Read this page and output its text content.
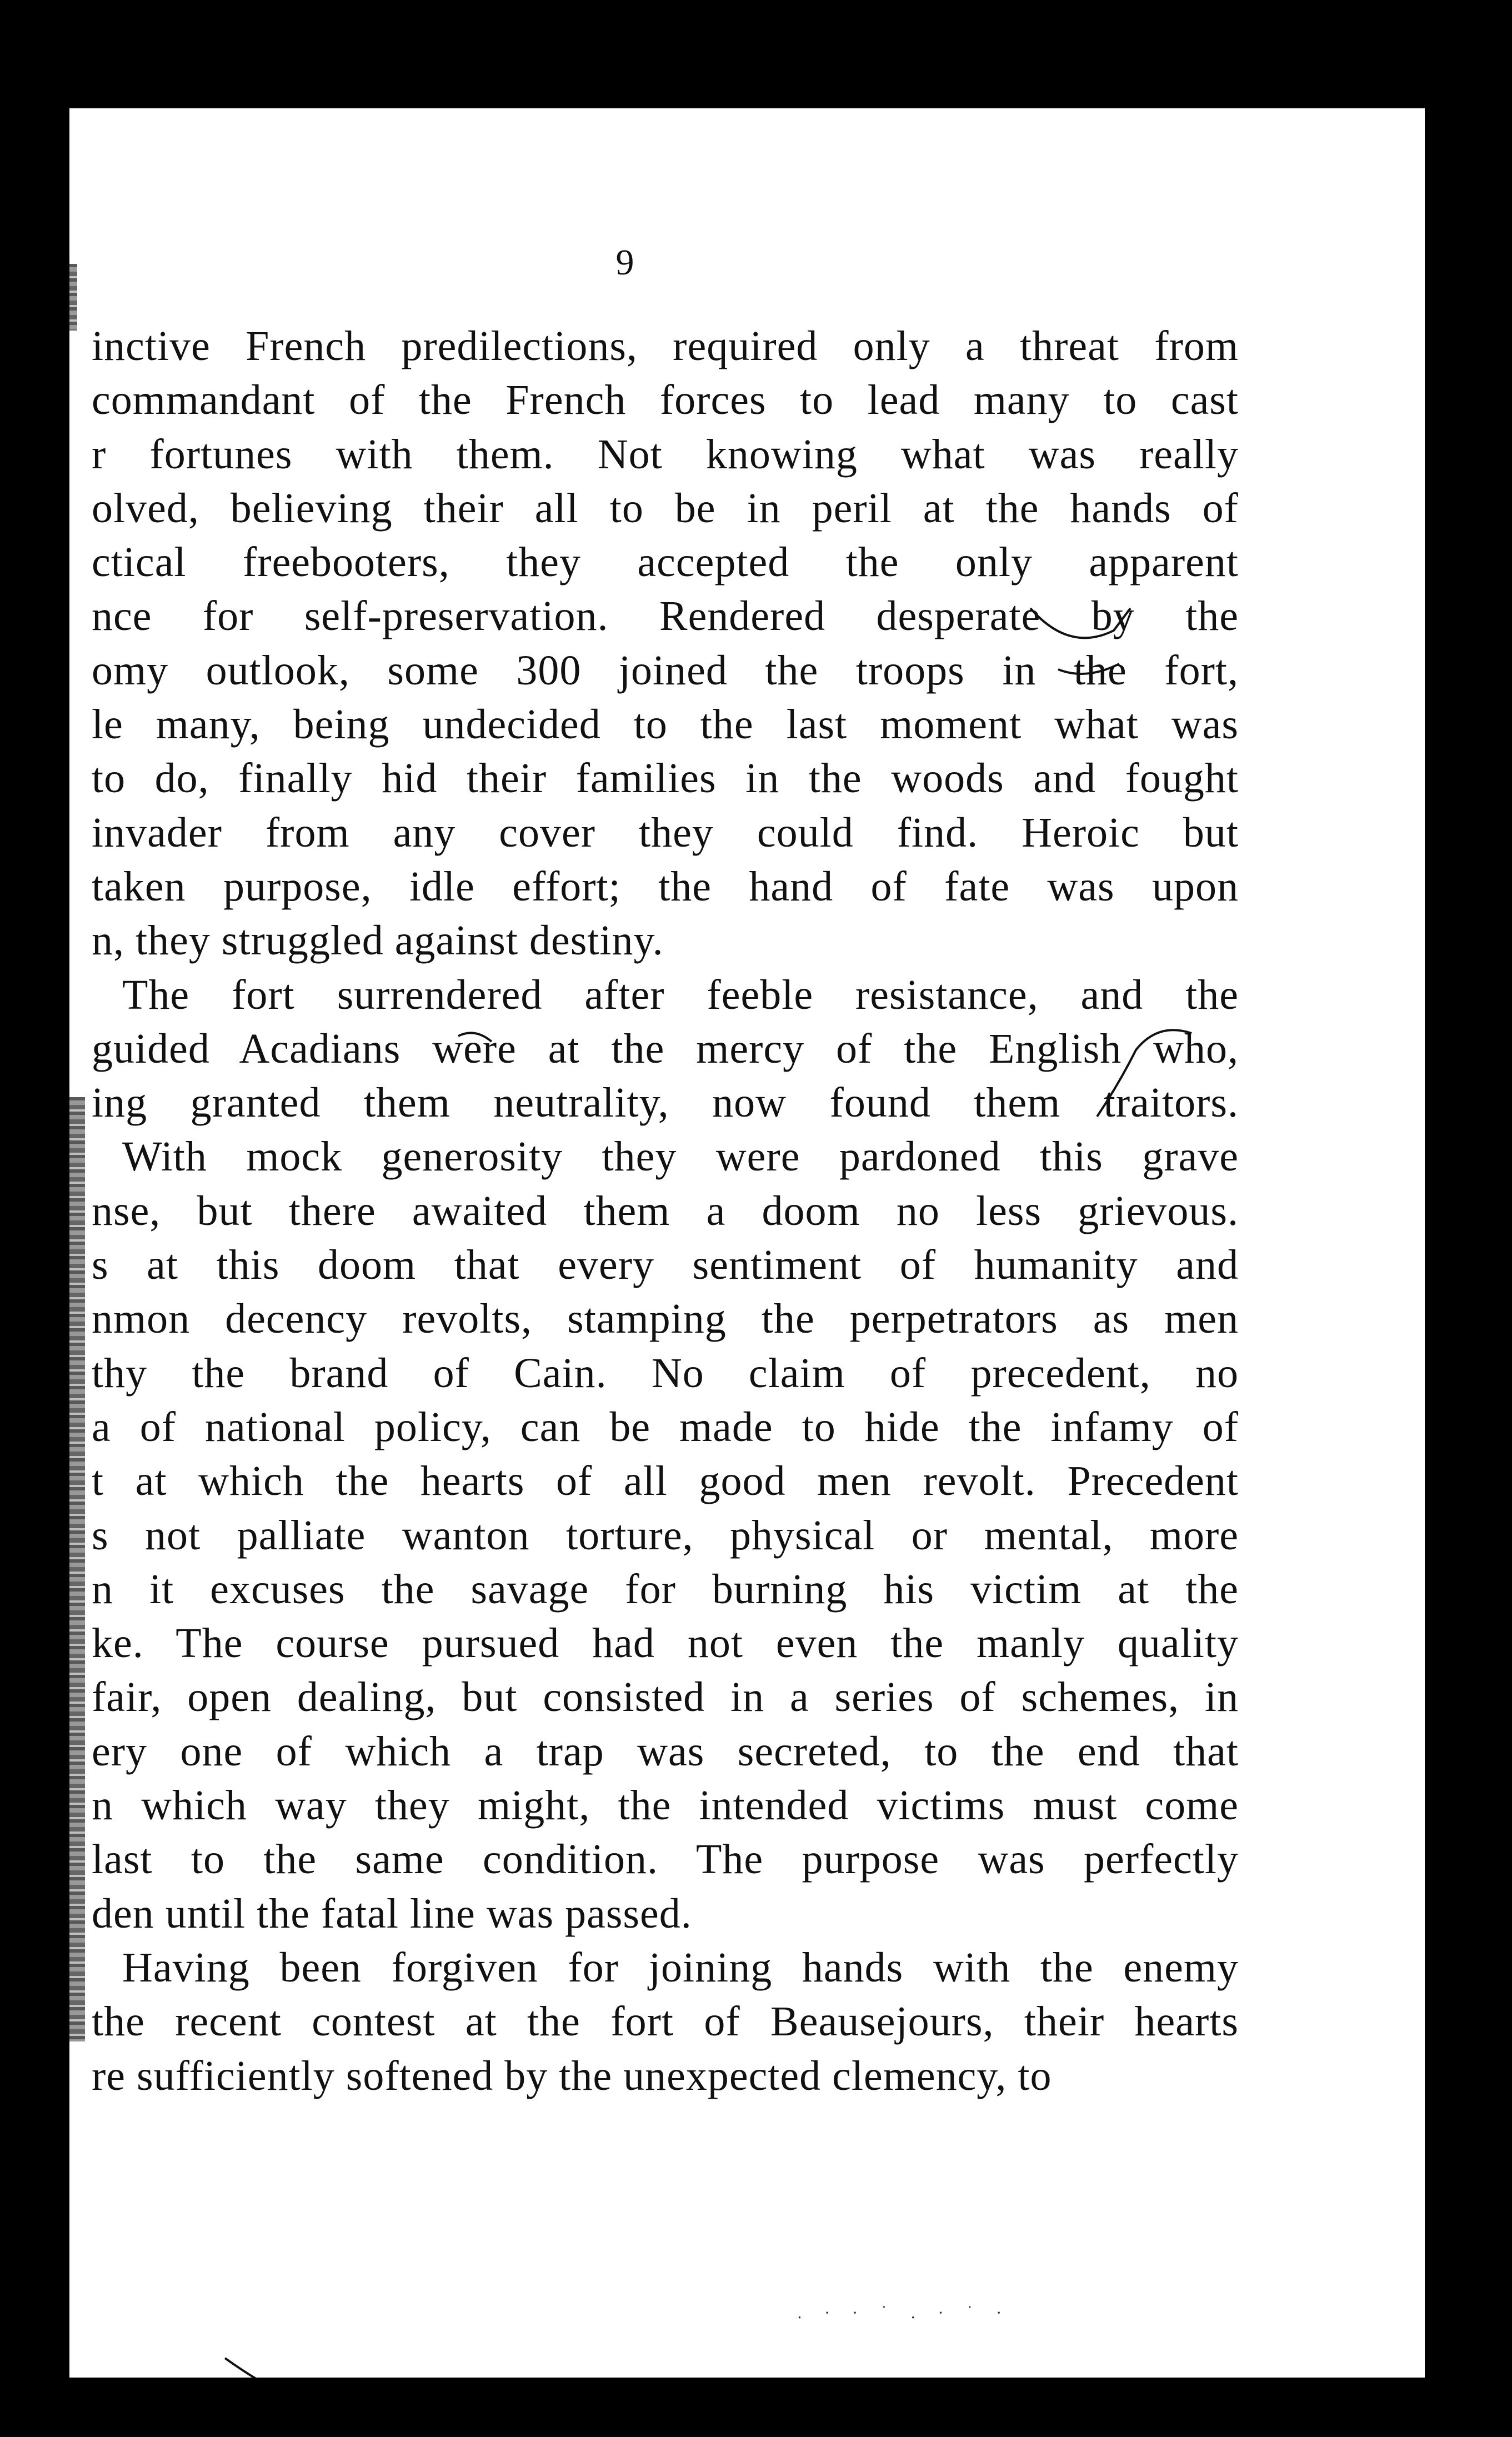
9
inctive French predilections, required only a threat from
commandant of the French forces to lead many to cast
r fortunes with them. Not knowing what was really
olved, believing their all to be in peril at the hands of
ctical freebooters, they accepted the only apparent
nce for self-preservation. Rendered desperate by the
omy outlook, some 300 joined the troops in the fort,
le many, being undecided to the last moment what was
to do, finally hid their families in the woods and fought
invader from any cover they could find. Heroic but
taken purpose, idle effort; the hand of fate was upon
n, they struggled against destiny.
The fort surrendered after feeble resistance, and the
guided Acadians were at the mercy of the English who,
ing granted them neutrality, now found them traitors.
With mock generosity they were pardoned this grave
nse, but there awaited them a doom no less grievous.
s at this doom that every sentiment of humanity and
nmon decency revolts, stamping the perpetrators as men
thy the brand of Cain. No claim of precedent, no
a of national policy, can be made to hide the infamy of
t at which the hearts of all good men revolt. Precedent
s not palliate wanton torture, physical or mental, more
n it excuses the savage for burning his victim at the
ke. The course pursued had not even the manly quality
fair, open dealing, but consisted in a series of schemes, in
ery one of which a trap was secreted, to the end that
n which way they might, the intended victims must come
last to the same condition. The purpose was perfectly
den until the fatal line was passed.
Having been forgiven for joining hands with the enemy
the recent contest at the fort of Beausejours, their hearts
re sufficiently softened by the unexpected clemency, to
. · · ˙ . · ˙ ·
